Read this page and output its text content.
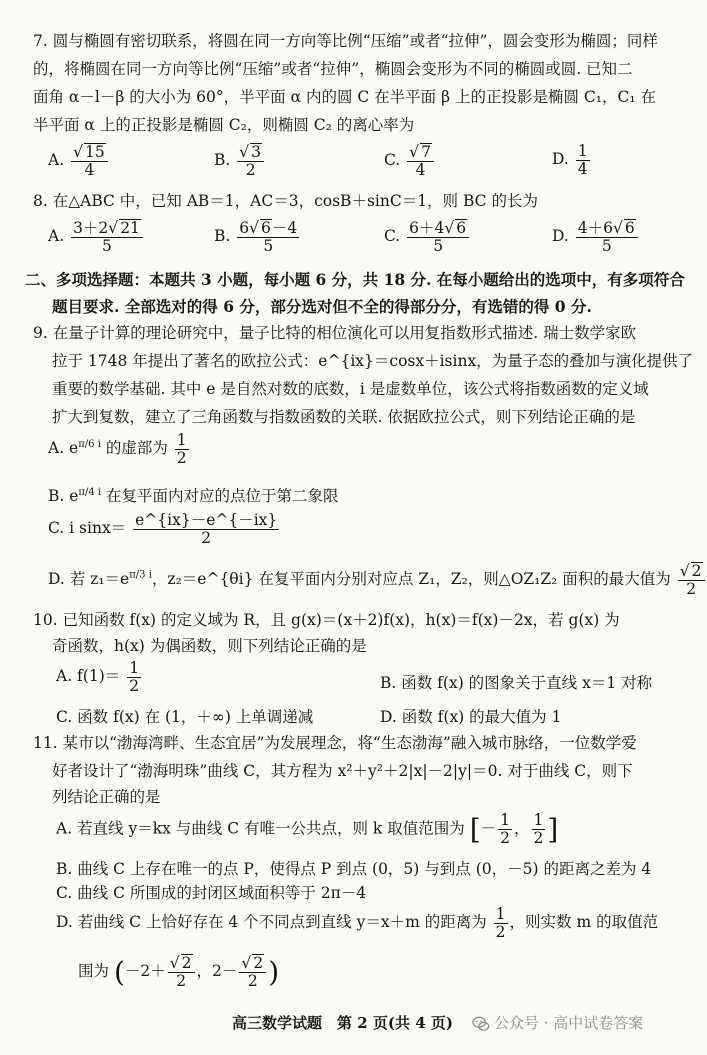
7. 圆与椭圆有密切联系，将圆在同一方向等比例“压缩”或者“拉伸”，圆会变形为椭圆；同样
的，将椭圆在同一方向等比例“压缩”或者“拉伸”，椭圆会变形为不同的椭圆或圆. 已知二
面角 α－l－β 的大小为 60°，半平面 α 内的圆 C 在半平面 β 上的正投影是椭圆 C₁，C₁ 在
半平面 α 上的正投影是椭圆 C₂，则椭圆 C₂ 的离心率为
A. $\frac{√ 15}{4}$	B. $\frac{√ 3}{2}$	C. $\frac{√ 7}{4}$	D. $\frac{1}{4}$
8. 在△ABC 中，已知 AB＝1，AC＝3，cosB＋sinC＝1，则 BC 的长为
A. $\frac{3+2√ 21}{5}$	B. $\frac{6√ 6-4}{5}$	C. $\frac{6+4√ 6}{5}$	D. $\frac{4+6√ 6}{5}$
二、多项选择题：本题共 3 小题，每小题 6 分，共 18 分. 在每小题给出的选项中，有多项符合
题目要求. 全部选对的得 6 分，部分选对但不全的得部分分，有选错的得 0 分.
9. 在量子计算的理论研究中，量子比特的相位演化可以用复指数形式描述. 瑞士数学家欧
拉于 1748 年提出了著名的欧拉公式：e^{ix}＝cosx＋isinx，为量子态的叠加与演化提供了
重要的数学基础. 其中 e 是自然对数的底数，i 是虚数单位，该公式将指数函数的定义域
扩大到复数，建立了三角函数与指数函数的关联. 依据欧拉公式，则下列结论正确的是
A. $e^{\pi/6 i}$ 的虚部为 $\frac{1}{2}$
B. $e^{\pi/4 i}$ 在复平面内对应的点位于第二象限
C. i $\sin x= \frac{e\^{}\{ix\}-e\^{}\{-ix\}}{2}$
D. 若 $z_1=e^{\pi/3 i}$，z₂＝e^{θi} 在复平面内分别对应点 Z₁，Z₂，则△OZ₁Z₂ 面积的最大值为 $\frac{√ 2}{2}$
10. 已知函数 f(x) 的定义域为 R，且 g(x)＝(x＋2)f(x)，h(x)＝f(x)－2x，若 g(x) 为
奇函数，h(x) 为偶函数，则下列结论正确的是
A. $f(1)= \frac{1}{2}$	B. 函数 f(x) 的图象关于直线 x＝1 对称
C. 函数 f(x) 在 (1，＋∞) 上单调递减	D. 函数 f(x) 的最大值为 1
11. 某市以“渤海湾畔、生态宜居”为发展理念，将“生态渤海”融入城市脉络，一位数学爱
好者设计了“渤海明珠”曲线 C，其方程为 x²＋y²＋2|x|－2|y|＝0. 对于曲线 C，则下
列结论正确的是
A. 若直线 y＝kx 与曲线 C 有唯一公共点，则 k 取值范围为 [－ $\frac{1}{2}$ ， $\frac{1}{2}$ ]
B. 曲线 C 上存在唯一的点 P，使得点 P 到点 (0，5) 与到点 (0，－5) 的距离之差为 4
C. 曲线 C 所围成的封闭区域面积等于 2π－4
D. 若曲线 C 上恰好存在 4 个不同点到直线 y＝x＋m 的距离为 $\frac{1}{2}$ ，则实数 m 的取值范
围为 ($-2+ \frac{√ 2}{2}$ ，$2- \frac{√ 2}{2}$ )
高三数学试题　第 2 页(共 4 页)	公众号 · 高中试卷答案
